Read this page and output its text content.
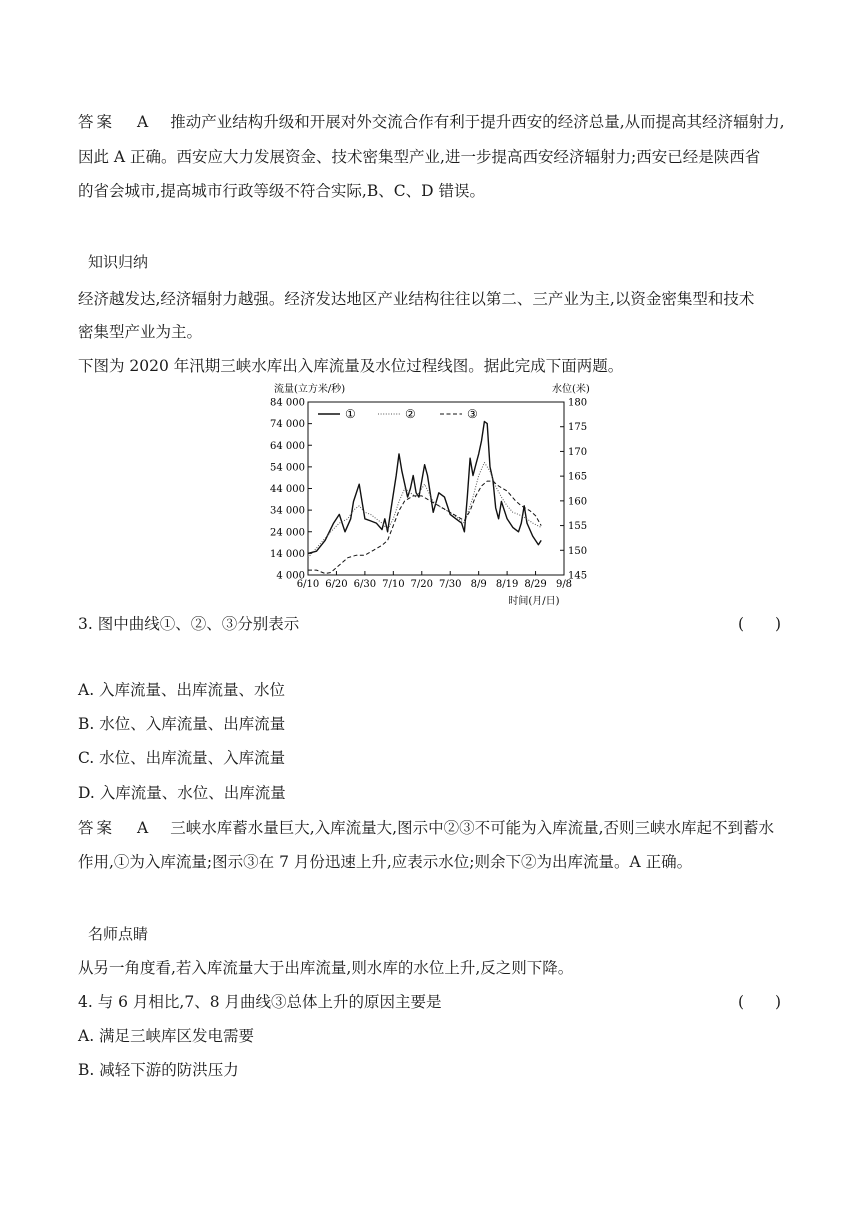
答案 A 推动产业结构升级和开展对外交流合作有利于提升西安的经济总量,从而提高其经济辐射力,
因此 A 正确。西安应大力发展资金、技术密集型产业,进一步提高西安经济辐射力;西安已经是陕西省
的省会城市,提高城市行政等级不符合实际,B、C、D 错误。
知识归纳
经济越发达,经济辐射力越强。经济发达地区产业结构往往以第二、三产业为主,以资金密集型和技术
密集型产业为主。
下图为 2020 年汛期三峡水库出入库流量及水位过程线图。据此完成下面两题。
流量(立方米/秒)	水位(米)
84 000
74 000
64 000
54 000
44 000
34 000
24 000
14 000
4 000
180
175
170
165
160
155
150
145
6/10 6/20 6/30 7/10 7/20 7/30 8/9 8/19 8/29 9/8
①	②	③
时间(月/日)
3. 图中曲线①、②、③分别表示	(　　)
A. 入库流量、出库流量、水位
B. 水位、入库流量、出库流量
C. 水位、出库流量、入库流量
D. 入库流量、水位、出库流量
答案 A 三峡水库蓄水量巨大,入库流量大,图示中②③不可能为入库流量,否则三峡水库起不到蓄水
作用,①为入库流量;图示③在 7 月份迅速上升,应表示水位;则余下②为出库流量。A 正确。
名师点睛
从另一角度看,若入库流量大于出库流量,则水库的水位上升,反之则下降。
4. 与 6 月相比,7、8 月曲线③总体上升的原因主要是	(　　)
A. 满足三峡库区发电需要
B. 减轻下游的防洪压力
